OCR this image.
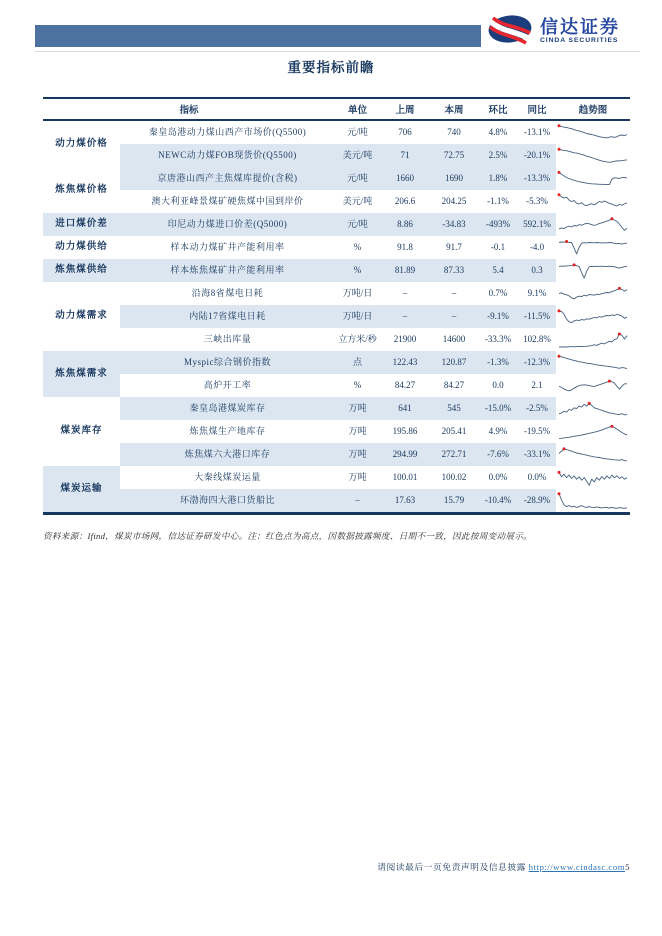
信达证券
CINDA SECURITIES
重要指标前瞻
指标		单位	上周	本周	环比	同比	趋势图
动力煤价格	秦皇岛港动力煤山西产市场价(Q5500)	元/吨	706	740	4.8%	-13.1%	

	NEWC动力煤FOB现货价(Q5500)	美元/吨	71	72.75	2.5%	-20.1%	

炼焦煤价格	京唐港山西产主焦煤库提价(含税)	元/吨	1660	1690	1.8%	-13.3%	

	澳大利亚峰景煤矿硬焦煤中国到岸价	美元/吨	206.6	204.25	-1.1%	-5.3%	

进口煤价差	印尼动力煤进口价差(Q5000)	元/吨	8.86	-34.83	-493%	592.1%	

动力煤供给	样本动力煤矿井产能利用率	%	91.8	91.7	-0.1	-4.0	

炼焦煤供给	样本炼焦煤矿井产能利用率	%	81.89	87.33	5.4	0.3	

动力煤需求	沿海8省煤电日耗	万吨/日	–	–	0.7%	9.1%	

	内陆17省煤电日耗	万吨/日	–	–	-9.1%	-11.5%	

	三峡出库量	立方米/秒	21900	14600	-33.3%	102.8%	

炼焦煤需求	Myspic综合钢价指数	点	122.43	120.87	-1.3%	-12.3%	

	高炉开工率	%	84.27	84.27	0.0	2.1	

煤炭库存	秦皇岛港煤炭库存	万吨	641	545	-15.0%	-2.5%	

	炼焦煤生产地库存	万吨	195.86	205.41	4.9%	-19.5%	

	炼焦煤六大港口库存	万吨	294.99	272.71	-7.6%	-33.1%	

煤炭运输	大秦线煤炭运量	万吨	100.01	100.02	0.0%	0.0%	

	环渤海四大港口货船比	–	17.63	15.79	-10.4%	-28.9%	

资料来源：Ifind，煤炭市场网，信达证券研发中心。注：红色点为高点，因数据披露频度、日期不一致，因此按周变动展示。

请阅读最后一页免责声明及信息披露 http://www.cindasc.com5
